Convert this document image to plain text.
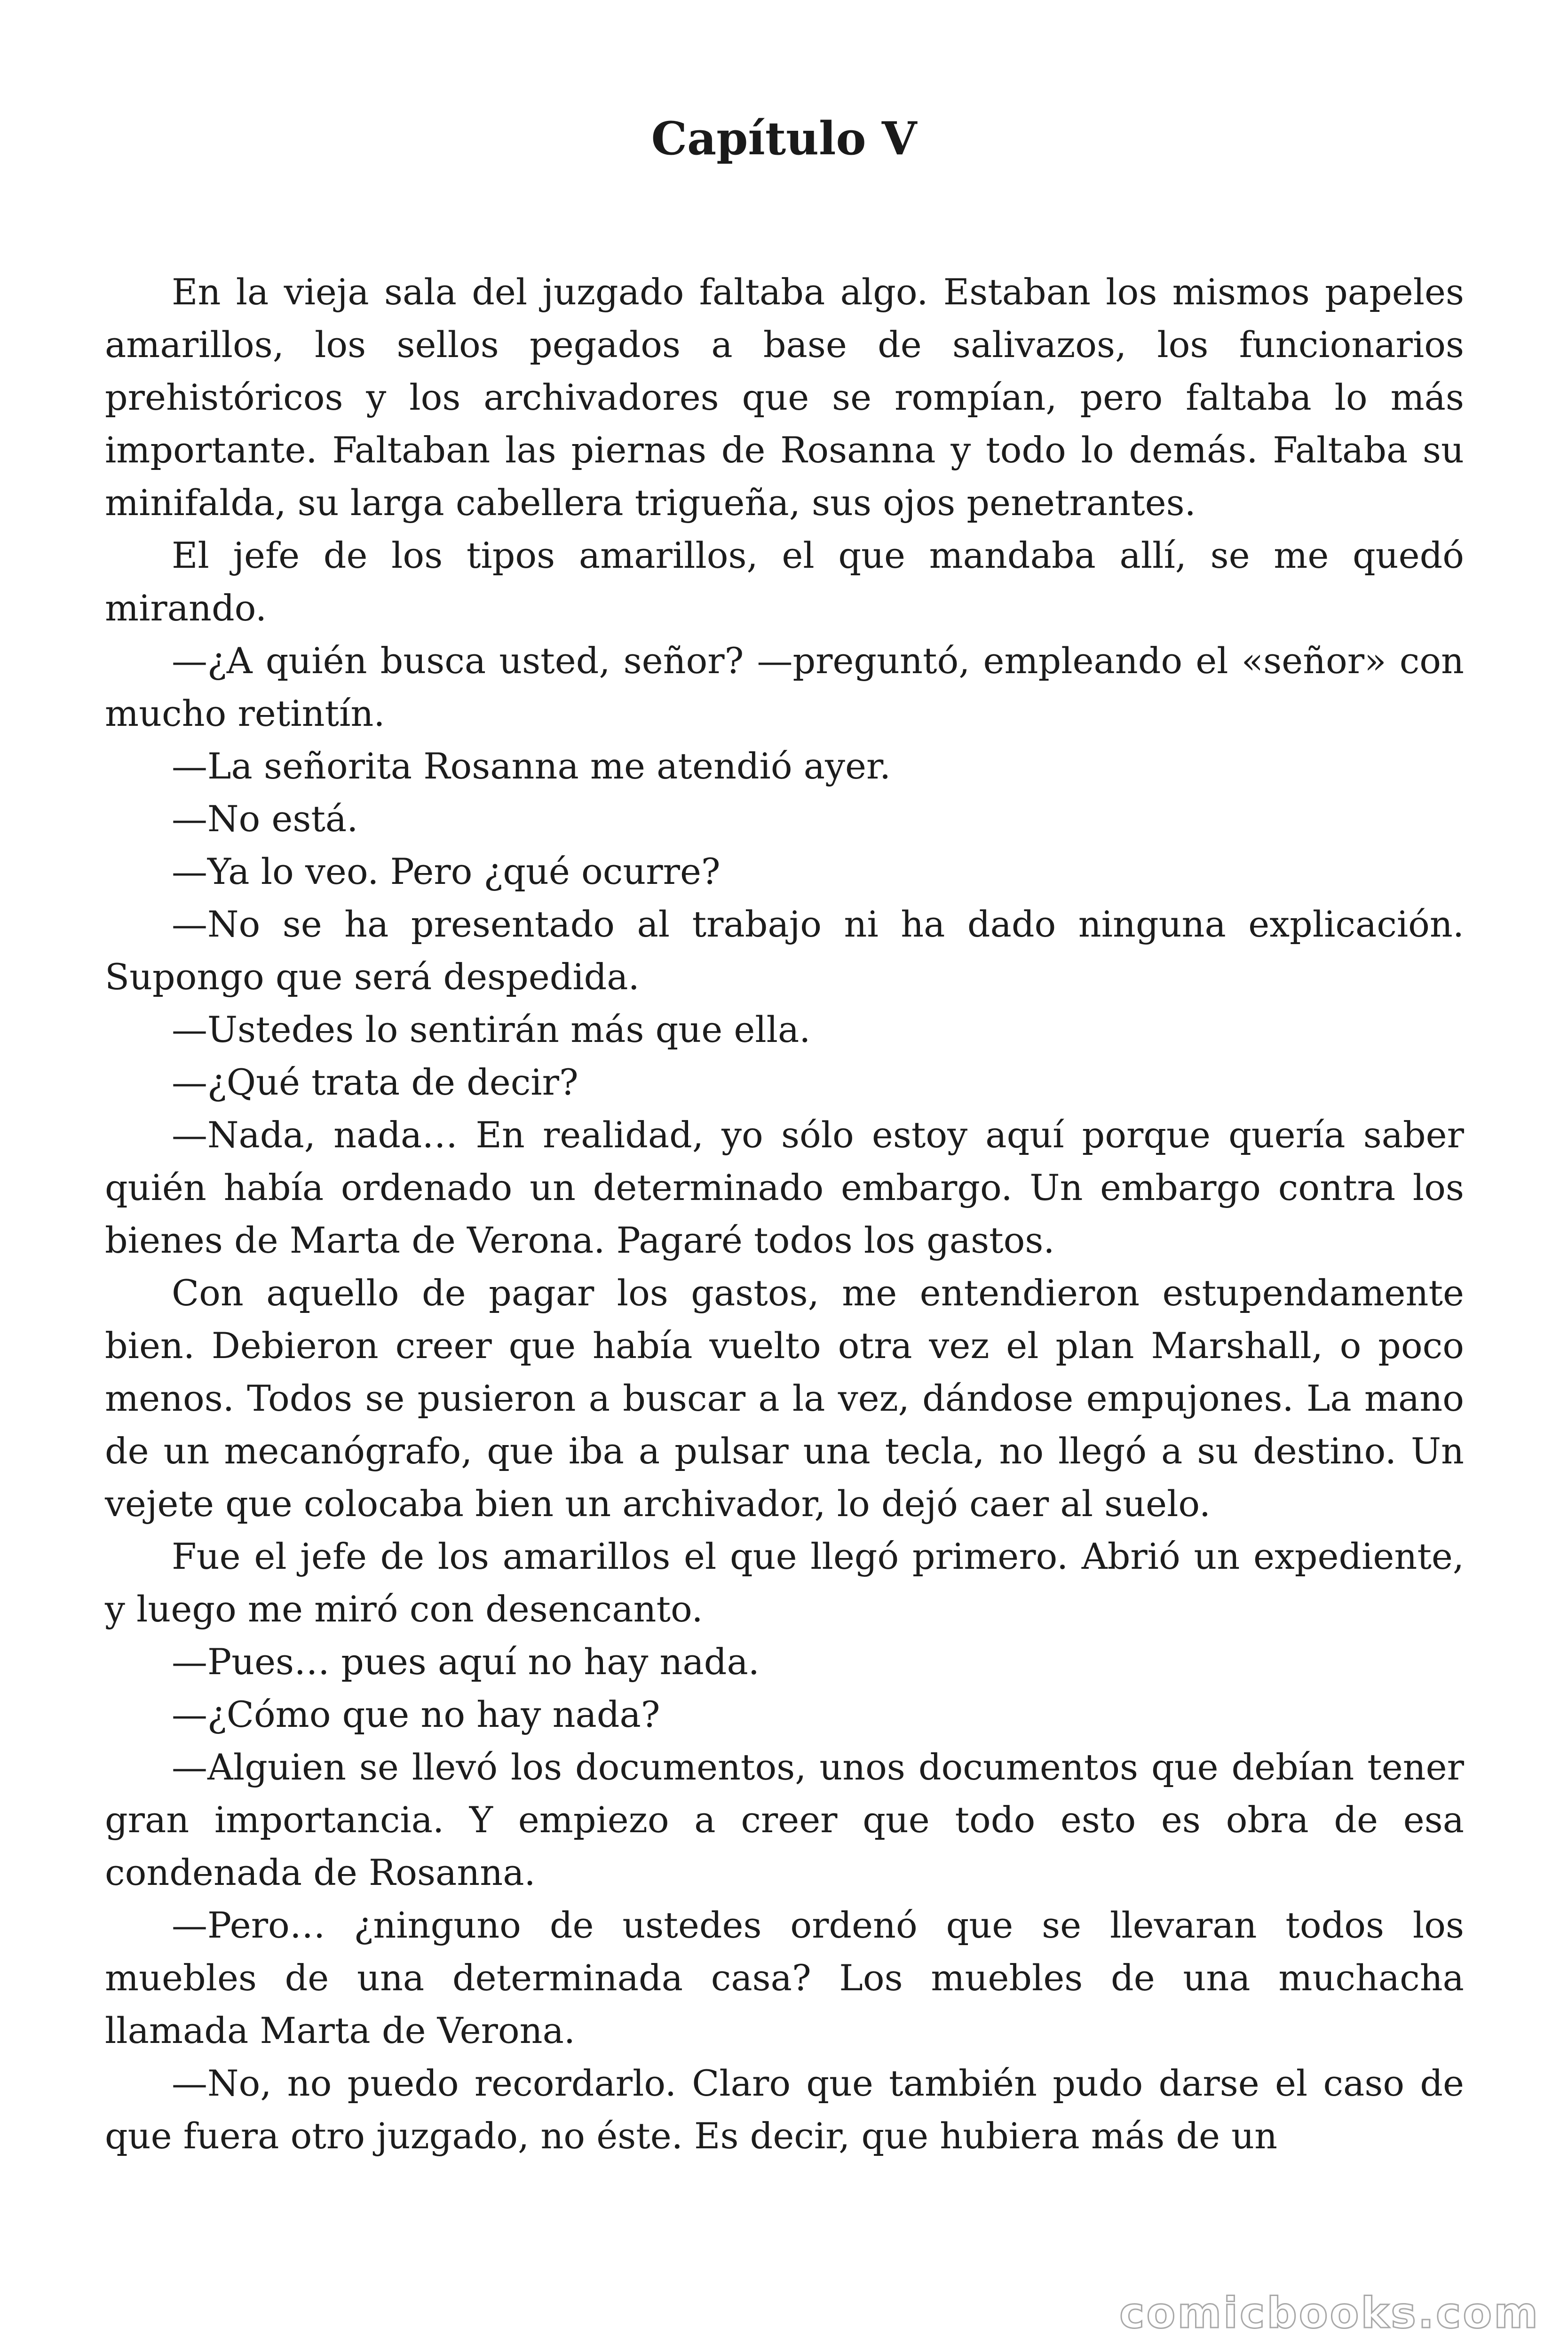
Capítulo V

En la vieja sala del juzgado faltaba algo. Estaban los mismos papeles amarillos, los sellos pegados a base de salivazos, los funcionarios prehistóricos y los archivadores que se rompían, pero faltaba lo más importante. Faltaban las piernas de Rosanna y todo lo demás. Faltaba su minifalda, su larga cabellera trigueña, sus ojos penetrantes.

El jefe de los tipos amarillos, el que mandaba allí, se me quedó mirando.

—¿A quién busca usted, señor? —preguntó, empleando el «señor» con mucho retintín.

—La señorita Rosanna me atendió ayer.

—No está.

—Ya lo veo. Pero ¿qué ocurre?

—No se ha presentado al trabajo ni ha dado ninguna explicación. Supongo que será despedida.

—Ustedes lo sentirán más que ella.

—¿Qué trata de decir?

—Nada, nada… En realidad, yo sólo estoy aquí porque quería saber quién había ordenado un determinado embargo. Un embargo contra los bienes de Marta de Verona. Pagaré todos los gastos.

Con aquello de pagar los gastos, me entendieron estupendamente bien. Debieron creer que había vuelto otra vez el plan Marshall, o poco menos. Todos se pusieron a buscar a la vez, dándose empujones. La mano de un mecanógrafo, que iba a pulsar una tecla, no llegó a su destino. Un vejete que colocaba bien un archivador, lo dejó caer al suelo.

Fue el jefe de los amarillos el que llegó primero. Abrió un expediente, y luego me miró con desencanto.

—Pues… pues aquí no hay nada.

—¿Cómo que no hay nada?

—Alguien se llevó los documentos, unos documentos que debían tener gran importancia. Y empiezo a creer que todo esto es obra de esa condenada de Rosanna.

—Pero… ¿ninguno de ustedes ordenó que se llevaran todos los muebles de una determinada casa? Los muebles de una muchacha llamada Marta de Verona.

—No, no puedo recordarlo. Claro que también pudo darse el caso de que fuera otro juzgado, no éste. Es decir, que hubiera más de un

comicbooks.com
